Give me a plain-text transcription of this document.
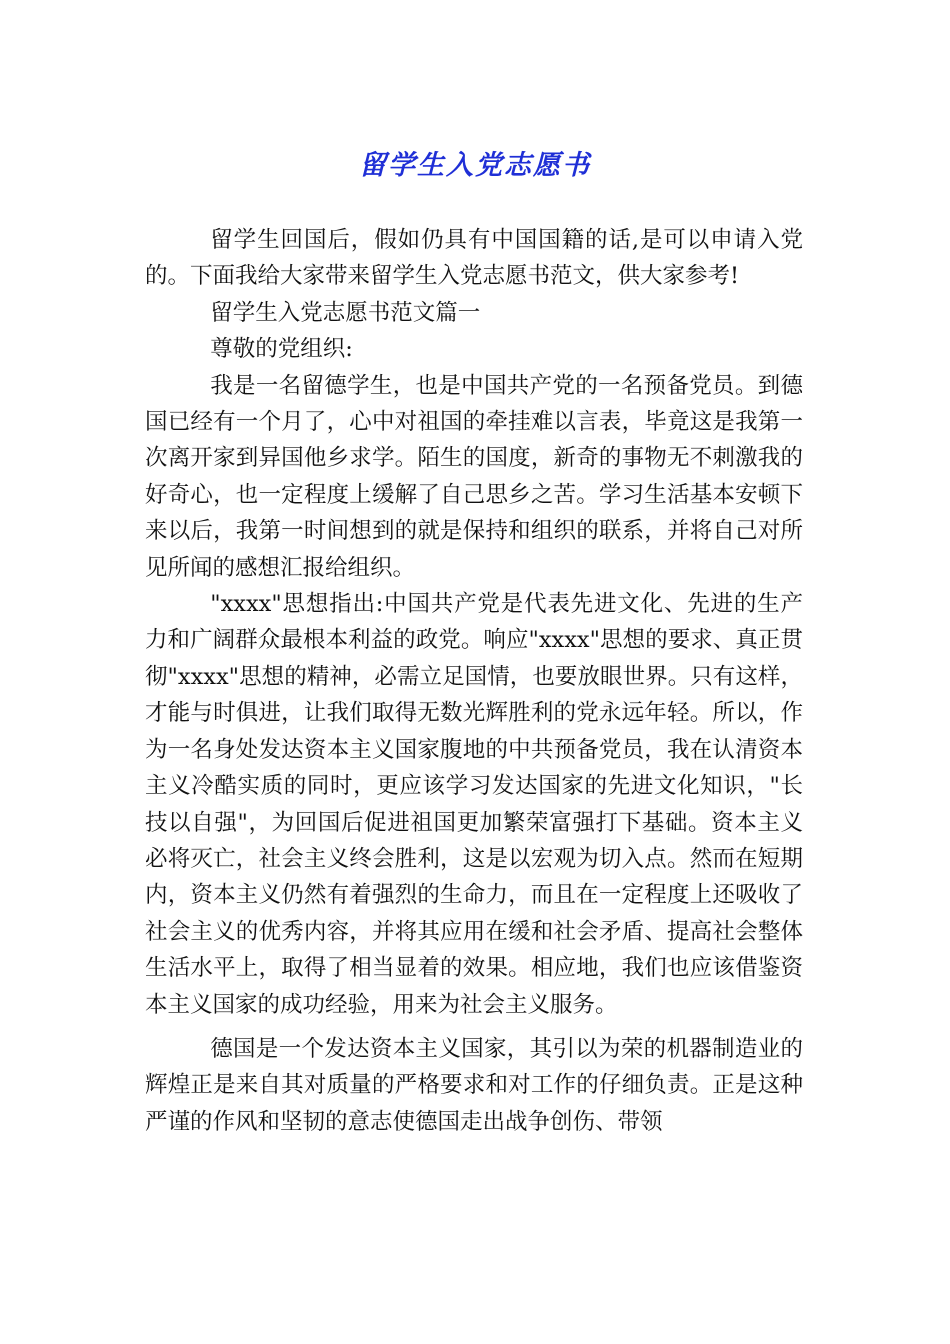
留学生入党志愿书

留学生回国后，假如仍具有中国国籍的话,是可以申请入党的。下面我给大家带来留学生入党志愿书范文，供大家参考!

留学生入党志愿书范文篇一

尊敬的党组织:

我是一名留德学生，也是中国共产党的一名预备党员。到德国已经有一个月了，心中对祖国的牵挂难以言表，毕竟这是我第一次离开家到异国他乡求学。陌生的国度，新奇的事物无不刺激我的好奇心，也一定程度上缓解了自己思乡之苦。学习生活基本安顿下来以后，我第一时间想到的就是保持和组织的联系，并将自己对所见所闻的感想汇报给组织。

"xxxx"思想指出:中国共产党是代表先进文化、先进的生产力和广阔群众最根本利益的政党。响应"xxxx"思想的要求、真正贯彻"xxxx"思想的精神，必需立足国情，也要放眼世界。只有这样，才能与时俱进，让我们取得无数光辉胜利的党永远年轻。所以，作为一名身处发达资本主义国家腹地的中共预备党员，我在认清资本主义冷酷实质的同时，更应该学习发达国家的先进文化知识，"长技以自强"，为回国后促进祖国更加繁荣富强打下基础。资本主义必将灭亡，社会主义终会胜利，这是以宏观为切入点。然而在短期内，资本主义仍然有着强烈的生命力，而且在一定程度上还吸收了社会主义的优秀内容，并将其应用在缓和社会矛盾、提高社会整体生活水平上，取得了相当显着的效果。相应地，我们也应该借鉴资本主义国家的成功经验，用来为社会主义服务。

德国是一个发达资本主义国家，其引以为荣的机器制造业的辉煌正是来自其对质量的严格要求和对工作的仔细负责。正是这种严谨的作风和坚韧的意志使德国走出战争创伤、带领
